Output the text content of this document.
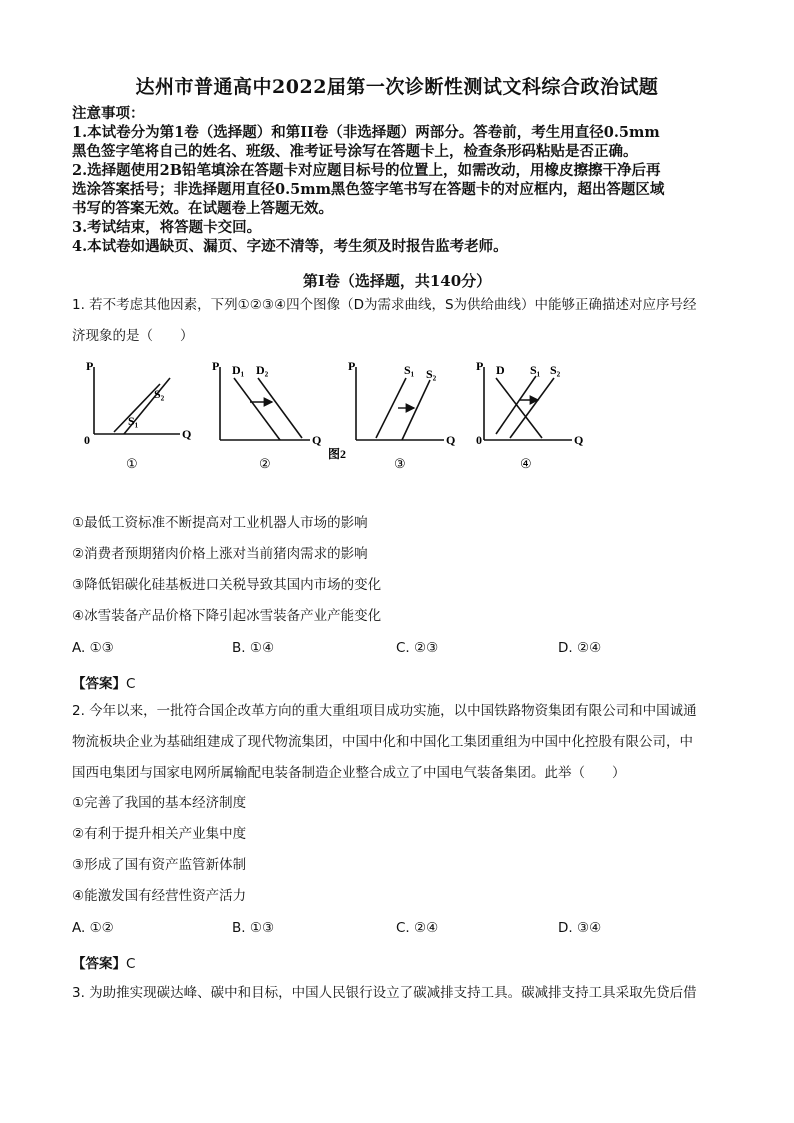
达州市普通高中2022届第一次诊断性测试文科综合政治试题
注意事项：
1.本试卷分为第1卷（选择题）和第II卷（非选择题）两部分。答卷前，考生用直径0.5mm
黑色签字笔将自己的姓名、班级、准考证号涂写在答题卡上，检查条形码粘贴是否正确。
2.选择题使用2B铅笔填涂在答题卡对应题目标号的位置上，如需改动，用橡皮擦擦干净后再
选涂答案括号；非选择题用直径0.5mm黑色签字笔书写在答题卡的对应框内，超出答题区域
书写的答案无效。在试题卷上答题无效。
3.考试结束，将答题卡交回。
4.本试卷如遇缺页、漏页、字迹不清等，考生须及时报告监考老师。
第Ⅰ卷（选择题，共140分）
1. 若不考虑其他因素，下列①②③④四个图像（D为需求曲线，S为供给曲线）中能够正确描述对应序号经
济现象的是（　　）
P
Q
0
S₂
S₁
①
P
Q
D₁ D₂
②
图2
P
Q
S₁ S₂
③
P
Q
0
D S₁ S₂
④
①最低工资标准不断提高对工业机器人市场的影响
②消费者预期猪肉价格上涨对当前猪肉需求的影响
③降低铝碳化硅基板进口关税导致其国内市场的变化
④冰雪装备产品价格下降引起冰雪装备产业产能变化
A. ①③	B. ①④	C. ②③	D. ②④
【答案】C
2. 今年以来，一批符合国企改革方向的重大重组项目成功实施，以中国铁路物资集团有限公司和中国诚通
物流板块企业为基础组建成了现代物流集团，中国中化和中国化工集团重组为中国中化控股有限公司，中
国西电集团与国家电网所属输配电装备制造企业整合成立了中国电气装备集团。此举（　　）
①完善了我国的基本经济制度
②有利于提升相关产业集中度
③形成了国有资产监管新体制
④能激发国有经营性资产活力
A. ①②	B. ①③	C. ②④	D. ③④
【答案】C
3. 为助推实现碳达峰、碳中和目标，中国人民银行设立了碳减排支持工具。碳减排支持工具采取先贷后借
